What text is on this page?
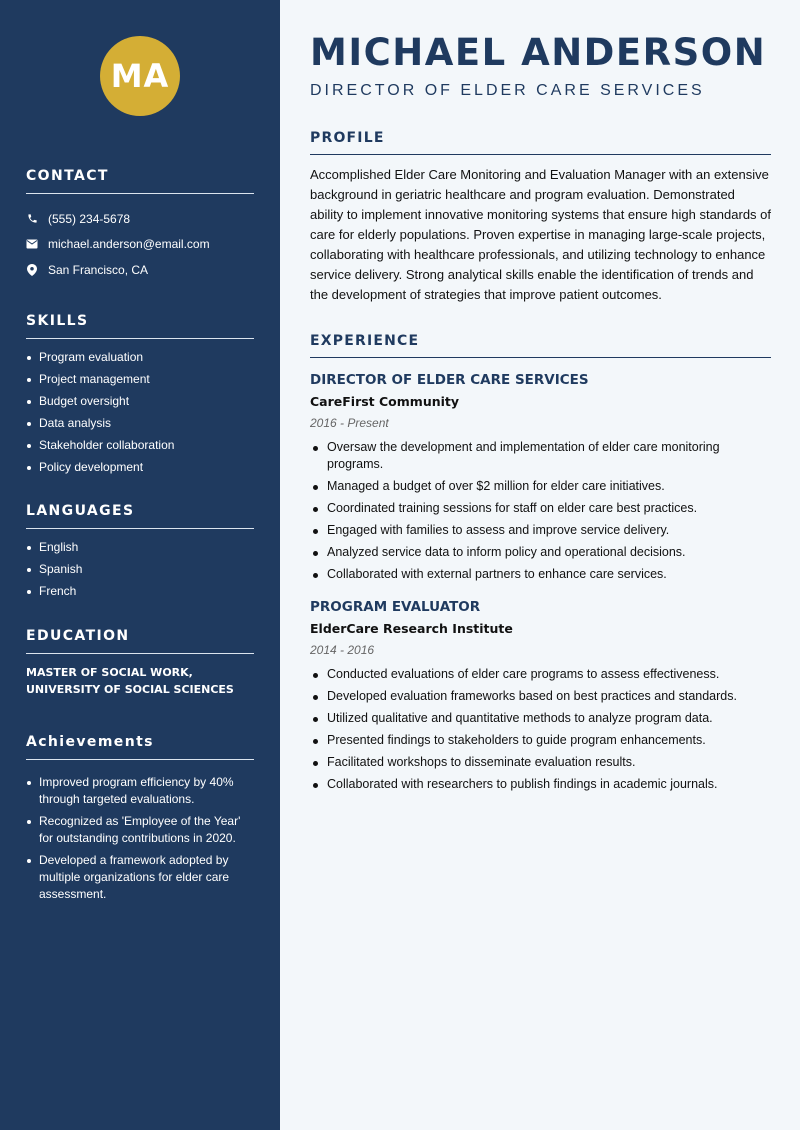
MA
CONTACT
(555) 234-5678
michael.anderson@email.com
San Francisco, CA
SKILLS
Program evaluation
Project management
Budget oversight
Data analysis
Stakeholder collaboration
Policy development
LANGUAGES
English
Spanish
French
EDUCATION
MASTER OF SOCIAL WORK, UNIVERSITY OF SOCIAL SCIENCES
Achievements
Improved program efficiency by 40% through targeted evaluations.
Recognized as 'Employee of the Year' for outstanding contributions in 2020.
Developed a framework adopted by multiple organizations for elder care assessment.
MICHAEL ANDERSON
DIRECTOR OF ELDER CARE SERVICES
PROFILE

Accomplished Elder Care Monitoring and Evaluation Manager with an extensive background in geriatric healthcare and program evaluation. Demonstrated ability to implement innovative monitoring systems that ensure high standards of care for elderly populations. Proven expertise in managing large-scale projects, collaborating with healthcare professionals, and utilizing technology to enhance service delivery. Strong analytical skills enable the identification of trends and the development of strategies that improve patient outcomes.

EXPERIENCE
DIRECTOR OF ELDER CARE SERVICES
CareFirst Community
2016 - Present
Oversaw the development and implementation of elder care monitoring programs.
Managed a budget of over $2 million for elder care initiatives.
Coordinated training sessions for staff on elder care best practices.
Engaged with families to assess and improve service delivery.
Analyzed service data to inform policy and operational decisions.
Collaborated with external partners to enhance care services.
PROGRAM EVALUATOR
ElderCare Research Institute
2014 - 2016
Conducted evaluations of elder care programs to assess effectiveness.
Developed evaluation frameworks based on best practices and standards.
Utilized qualitative and quantitative methods to analyze program data.
Presented findings to stakeholders to guide program enhancements.
Facilitated workshops to disseminate evaluation results.
Collaborated with researchers to publish findings in academic journals.
